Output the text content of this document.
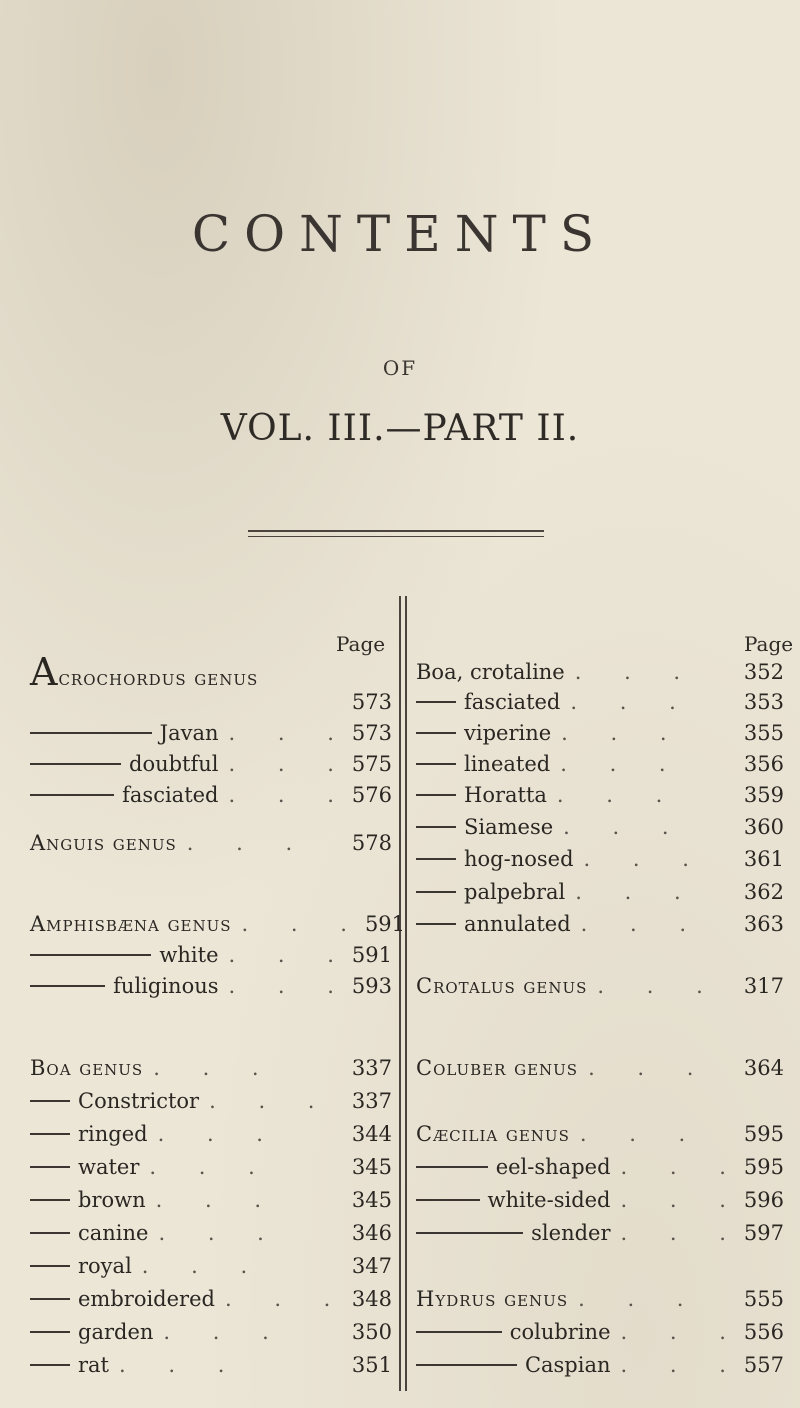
CONTENTS
OF
VOL. III.—PART II.
Page	Page
Acrochordus genus
573
Javan . . . 573
doubtful . . . 575
fasciated . . . 576
Anguis genus . . .	578
Amphisbæna genus . . . 591
white . . . 591
fuliginous . . . 593
Boa genus . . .	337
Constrictor . . . 337
ringed . . .	344
water . . .	345
brown . . .	345
canine . . .	346
royal . . .	347
embroidered . . . 348
garden . . .	350
rat . . .	351
Boa, crotaline . . .	352
fasciated . . .	353
viperine . . .	355
lineated . . .	356
Horatta . . .	359
Siamese . . .	360
hog-nosed . . .	361
palpebral . . .	362
annulated . . .	363
Crotalus genus . . .	317
Coluber genus . . .	364
Cæcilia genus . . .	595
eel-shaped . . . 595
white-sided . . . 596
slender . . . 597
Hydrus genus . . .	555
colubrine . . . 556
Caspian . . . 557
